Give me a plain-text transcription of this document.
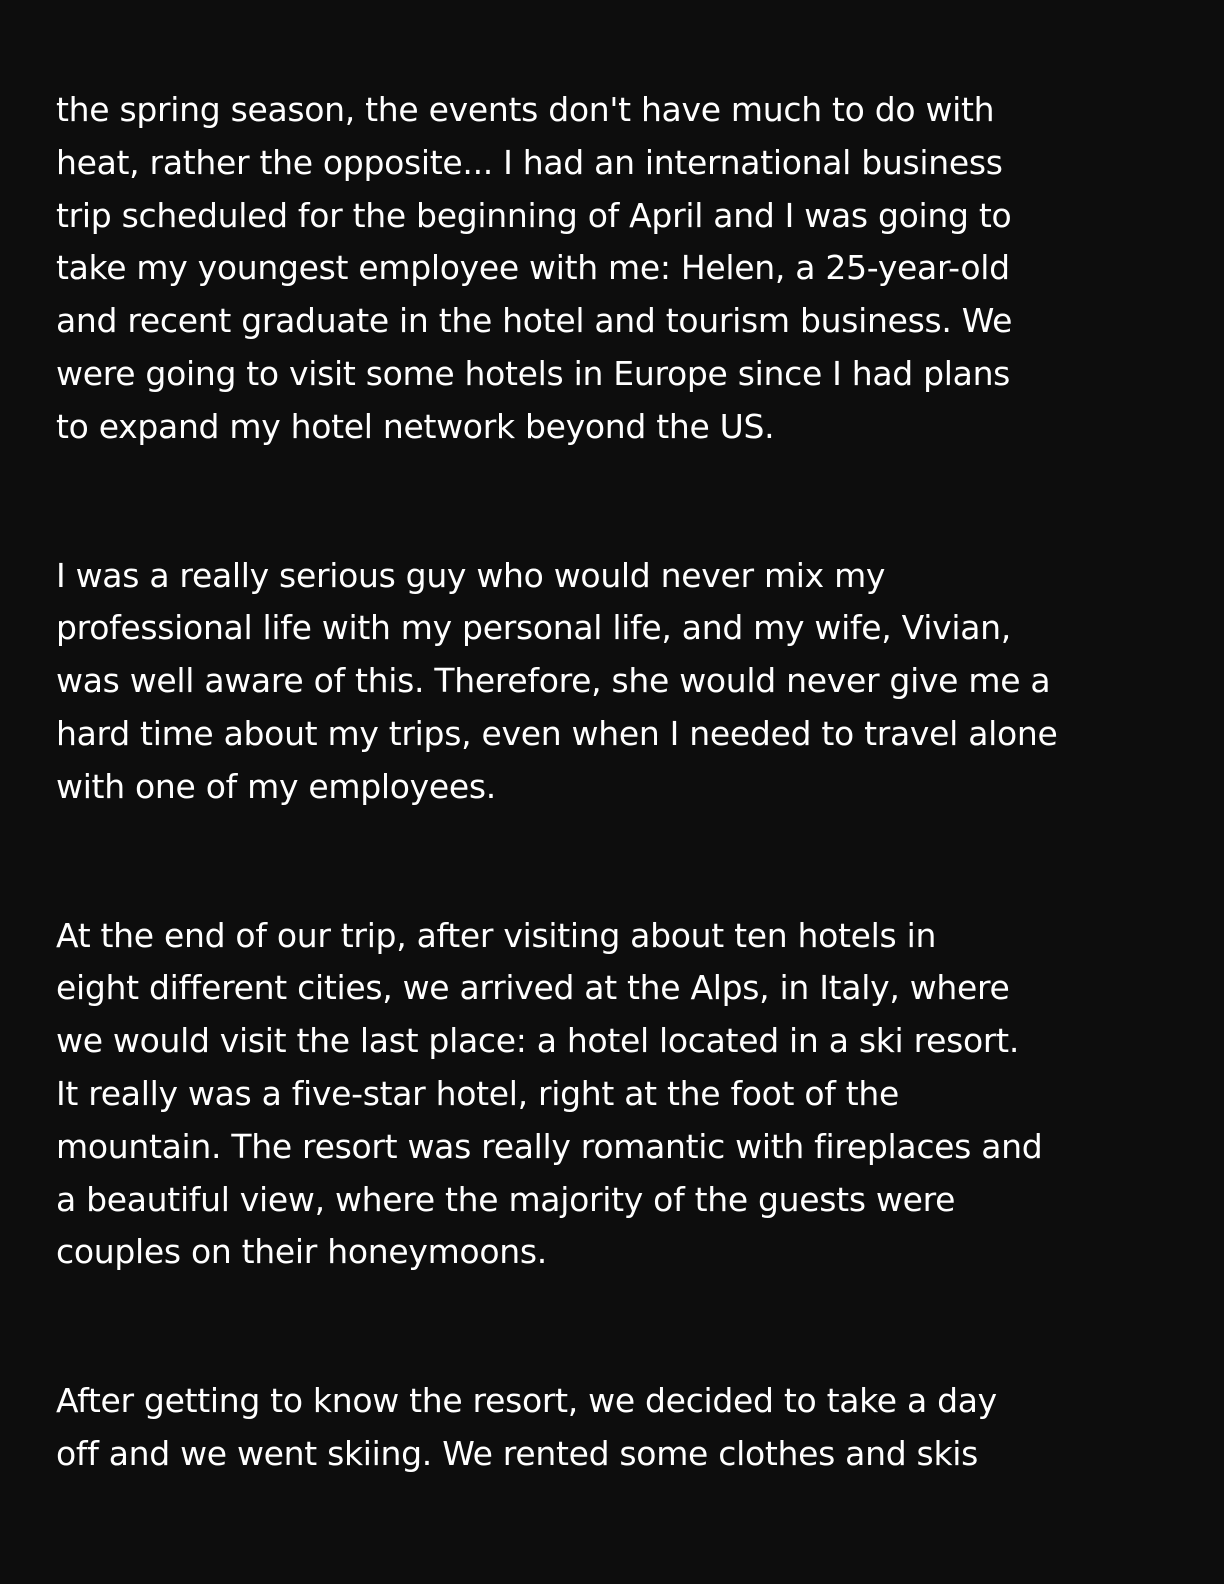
the spring season, the events don't have much to do with
heat, rather the opposite... I had an international business
trip scheduled for the beginning of April and I was going to
take my youngest employee with me: Helen, a 25-year-old
and recent graduate in the hotel and tourism business. We
were going to visit some hotels in Europe since I had plans
to expand my hotel network beyond the US.

I was a really serious guy who would never mix my
professional life with my personal life, and my wife, Vivian,
was well aware of this. Therefore, she would never give me a
hard time about my trips, even when I needed to travel alone
with one of my employees.

At the end of our trip, after visiting about ten hotels in
eight different cities, we arrived at the Alps, in Italy, where
we would visit the last place: a hotel located in a ski resort.
It really was a five-star hotel, right at the foot of the
mountain. The resort was really romantic with fireplaces and
a beautiful view, where the majority of the guests were
couples on their honeymoons.

After getting to know the resort, we decided to take a day
off and we went skiing. We rented some clothes and skis
